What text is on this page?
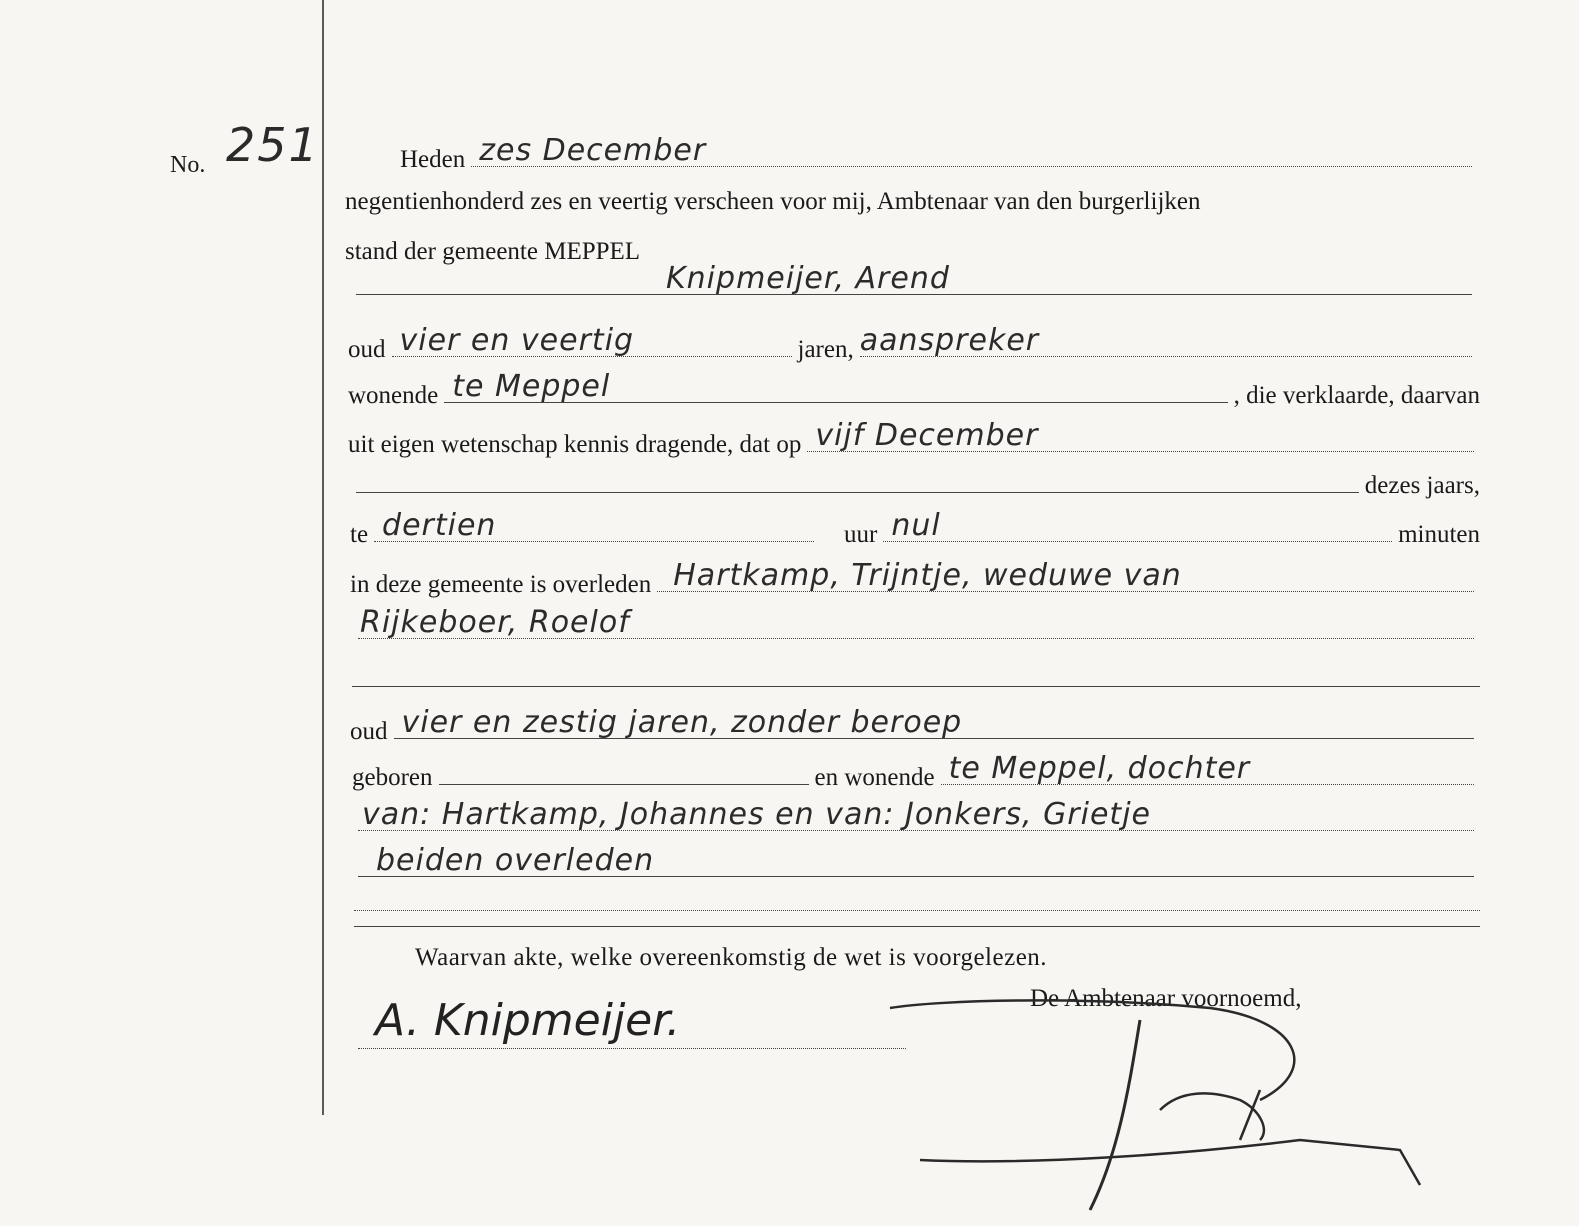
No. 251	Heden zes December
negentienhonderd zes en veertig verscheen voor mij, Ambtenaar van den burgerlijken
stand der gemeente MEPPEL
Knipmeijer, Arend
oud vier en veertig	jaren, aanspreker
wonende te Meppel	, die verklaarde, daarvan
uit eigen wetenschap kennis dragende, dat op vijf December
dezes jaars,
te dertien	uur nul	minuten
in deze gemeente is overleden Hartkamp, Trijntje, weduwe van
Rijkeboer, Roelof
oud vier en zestig jaren, zonder beroep
geboren	en wonende te Meppel, dochter
van: Hartkamp, Johannes en van: Jonkers, Grietje
beiden overleden
Waarvan akte, welke overeenkomstig de wet is voorgelezen.
De Ambtenaar voornoemd,
A. Knipmeijer.
